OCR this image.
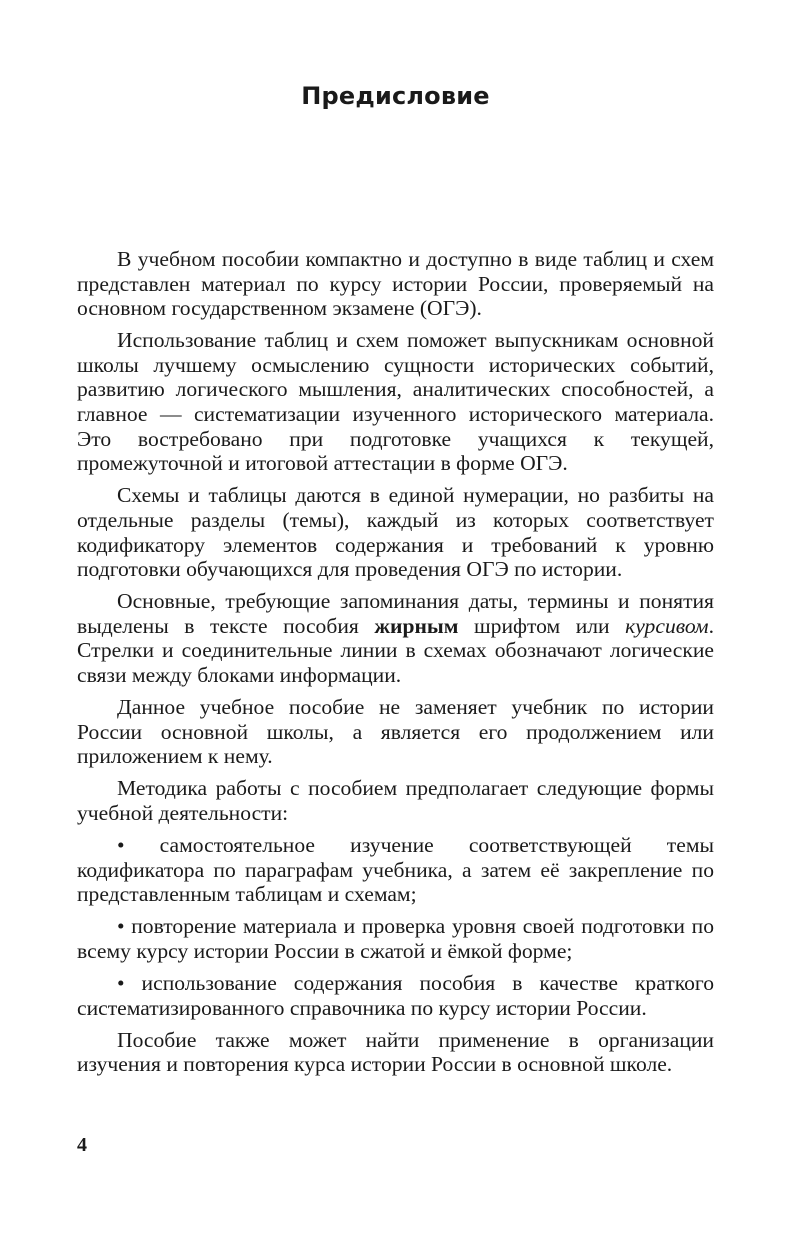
Предисловие

В учебном пособии компактно и доступно в виде таблиц и схем представлен материал по курсу истории России, проверяемый на основном государственном экзамене (ОГЭ).

Использование таблиц и схем поможет выпускникам основной школы лучшему осмыслению сущности исторических событий, развитию логического мышления, аналитических способностей, а главное — систематизации изученного исторического материала. Это востребовано при подготовке учащихся к текущей, промежуточной и итоговой аттестации в форме ОГЭ.

Схемы и таблицы даются в единой нумерации, но разбиты на отдельные разделы (темы), каждый из которых соответствует кодификатору элементов содержания и требований к уровню подготовки обучающихся для проведения ОГЭ по истории.

Основные, требующие запоминания даты, термины и понятия выделены в тексте пособия жирным шрифтом или курсивом. Стрелки и соединительные линии в схемах обозначают логические связи между блоками информации.

Данное учебное пособие не заменяет учебник по истории России основной школы, а является его продолжением или приложением к нему.

Методика работы с пособием предполагает следующие формы учебной деятельности:

• самостоятельное изучение соответствующей темы кодификатора по параграфам учебника, а затем её закрепление по представленным таблицам и схемам;

• повторение материала и проверка уровня своей подготовки по всему курсу истории России в сжатой и ёмкой форме;

• использование содержания пособия в качестве краткого систематизированного справочника по курсу истории России.

Пособие также может найти применение в организации изучения и повторения курса истории России в основной школе.

4
